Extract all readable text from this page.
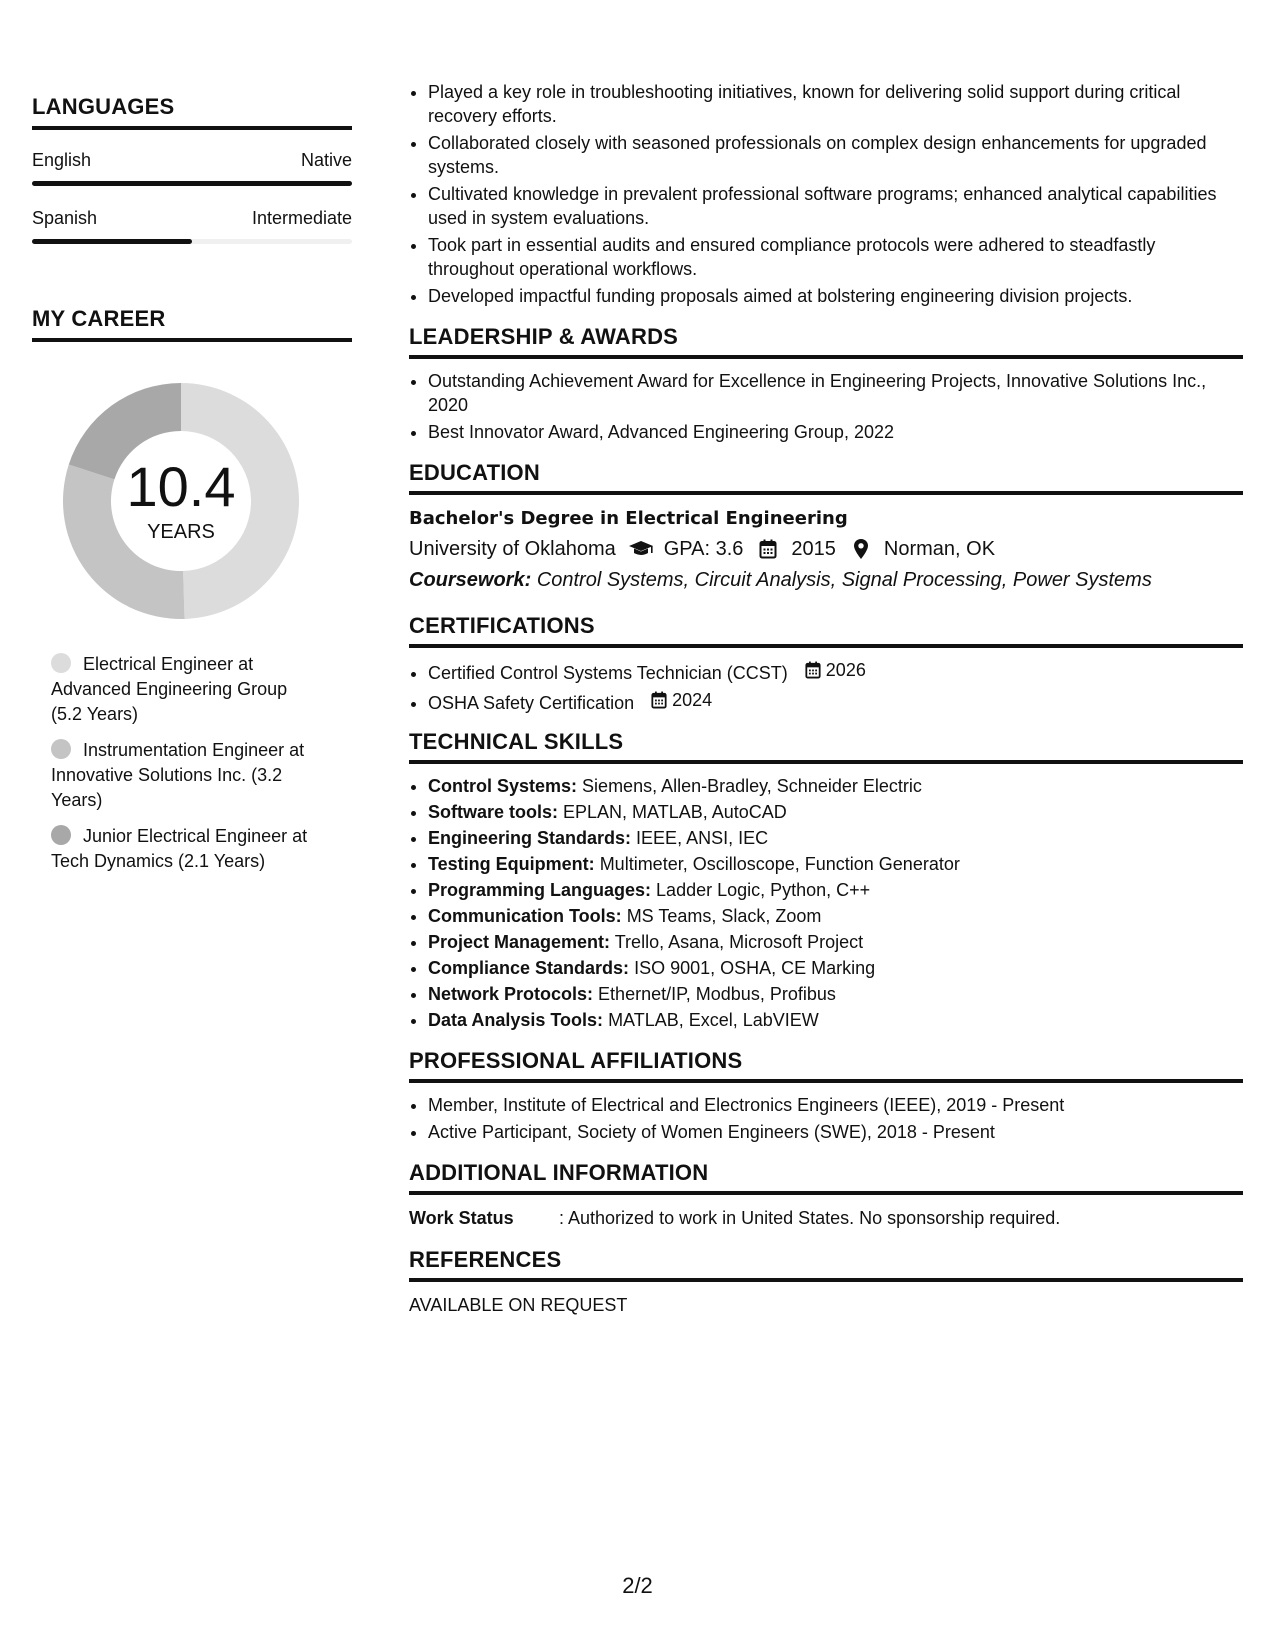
LANGUAGES
English	Native
Spanish	Intermediate
MY CAREER
10.4
YEARS
Electrical Engineer at Advanced Engineering Group (5.2 Years)
Instrumentation Engineer at Innovative Solutions Inc. (3.2 Years)
Junior Electrical Engineer at Tech Dynamics (2.1 Years)
• Played a key role in troubleshooting initiatives, known for delivering solid support during critical recovery efforts.
• Collaborated closely with seasoned professionals on complex design enhancements for upgraded systems.
• Cultivated knowledge in prevalent professional software programs; enhanced analytical capabilities used in system evaluations.
• Took part in essential audits and ensured compliance protocols were adhered to steadfastly throughout operational workflows.
• Developed impactful funding proposals aimed at bolstering engineering division projects.
LEADERSHIP & AWARDS
• Outstanding Achievement Award for Excellence in Engineering Projects, Innovative Solutions Inc., 2020
• Best Innovator Award, Advanced Engineering Group, 2022
EDUCATION
Bachelor's Degree in Electrical Engineering
University of Oklahoma GPA: 3.6 2015 Norman, OK
Coursework: Control Systems, Circuit Analysis, Signal Processing, Power Systems
CERTIFICATIONS
• Certified Control Systems Technician (CCST) 2026
• OSHA Safety Certification 2024
TECHNICAL SKILLS
• Control Systems: Siemens, Allen-Bradley, Schneider Electric
• Software tools: EPLAN, MATLAB, AutoCAD
• Engineering Standards: IEEE, ANSI, IEC
• Testing Equipment: Multimeter, Oscilloscope, Function Generator
• Programming Languages: Ladder Logic, Python, C++
• Communication Tools: MS Teams, Slack, Zoom
• Project Management: Trello, Asana, Microsoft Project
• Compliance Standards: ISO 9001, OSHA, CE Marking
• Network Protocols: Ethernet/IP, Modbus, Profibus
• Data Analysis Tools: MATLAB, Excel, LabVIEW
PROFESSIONAL AFFILIATIONS
• Member, Institute of Electrical and Electronics Engineers (IEEE), 2019 - Present
• Active Participant, Society of Women Engineers (SWE), 2018 - Present
ADDITIONAL INFORMATION
Work Status	: Authorized to work in United States. No sponsorship required.
REFERENCES
AVAILABLE ON REQUEST
2/2
